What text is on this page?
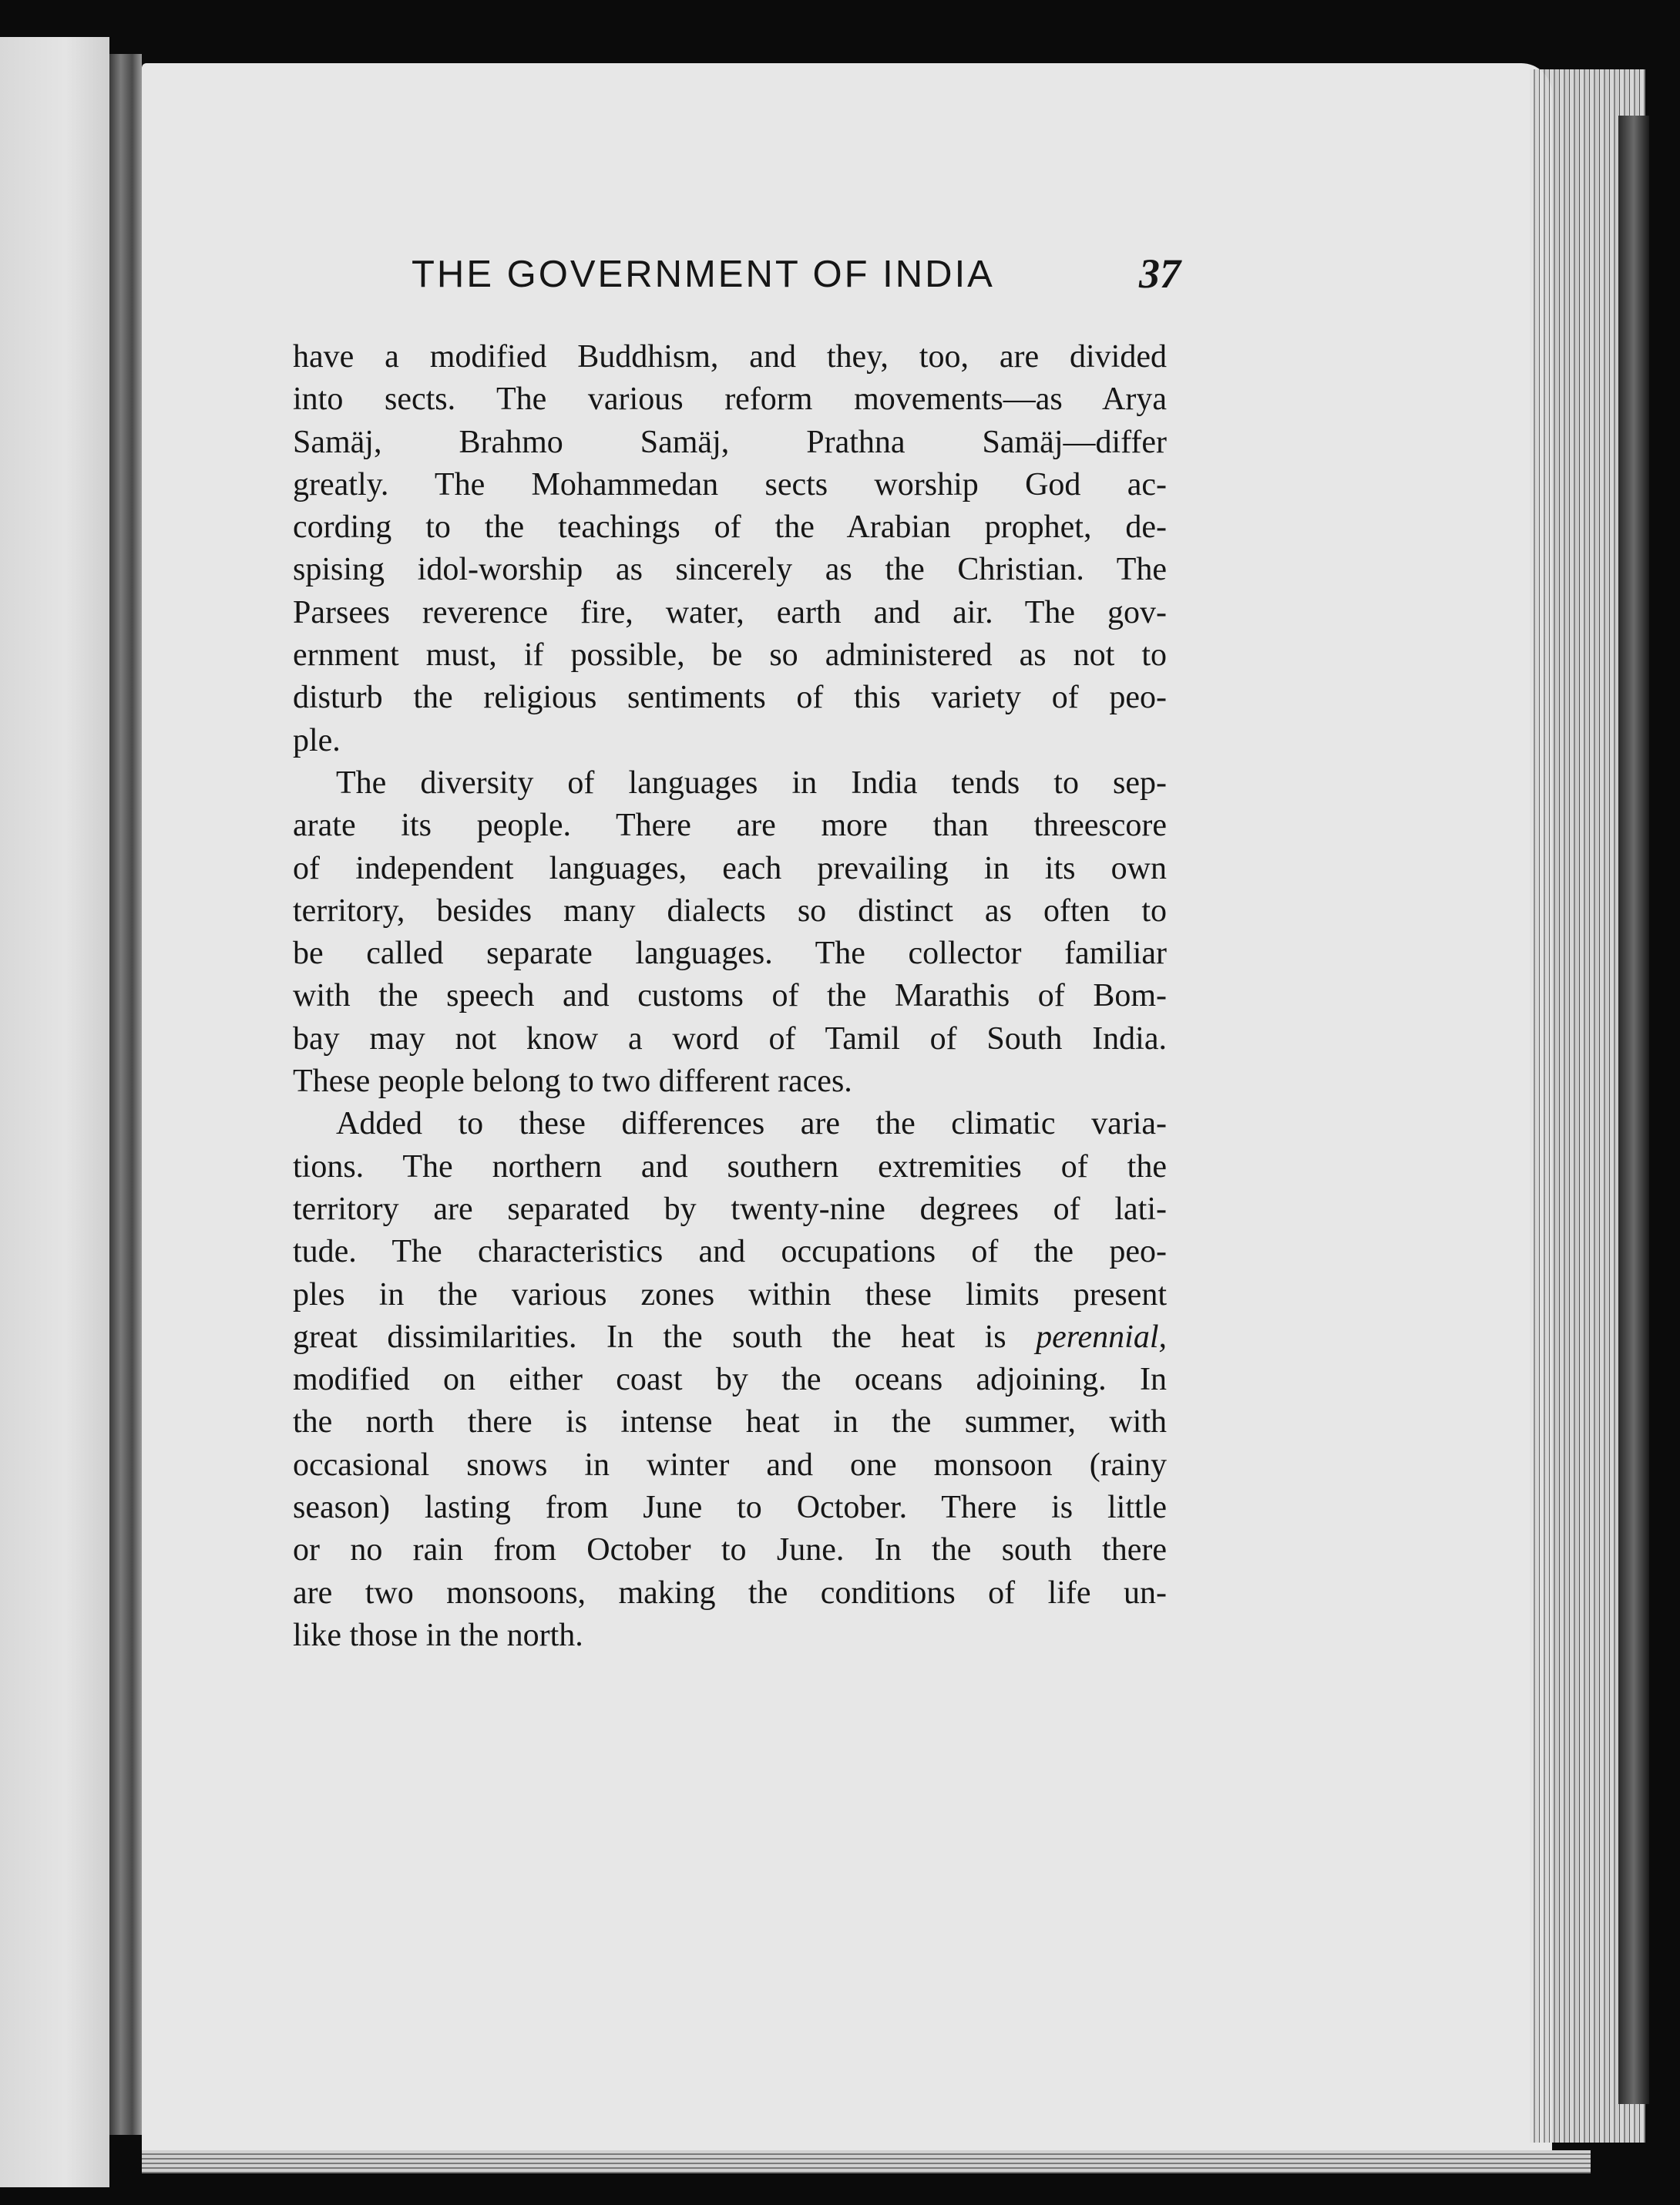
THE GOVERNMENT OF INDIA	37

have a modified Buddhism, and they, too, are divided
into sects. The various reform movements—as Arya
Samäj, Brahmo Samäj, Prathna Samäj—differ
greatly. The Mohammedan sects worship God ac-
cording to the teachings of the Arabian prophet, de-
spising idol-worship as sincerely as the Christian. The
Parsees reverence fire, water, earth and air. The gov-
ernment must, if possible, be so administered as not to
disturb the religious sentiments of this variety of peo-
ple.

The diversity of languages in India tends to sep-
arate its people. There are more than threescore
of independent languages, each prevailing in its own
territory, besides many dialects so distinct as often to
be called separate languages. The collector familiar
with the speech and customs of the Marathis of Bom-
bay may not know a word of Tamil of South India.
These people belong to two different races.

Added to these differences are the climatic varia-
tions. The northern and southern extremities of the
territory are separated by twenty-nine degrees of lati-
tude. The characteristics and occupations of the peo-
ples in the various zones within these limits present
great dissimilarities. In the south the heat is perennial,
modified on either coast by the oceans adjoining. In
the north there is intense heat in the summer, with
occasional snows in winter and one monsoon (rainy
season) lasting from June to October. There is little
or no rain from October to June. In the south there
are two monsoons, making the conditions of life un-
like those in the north.
